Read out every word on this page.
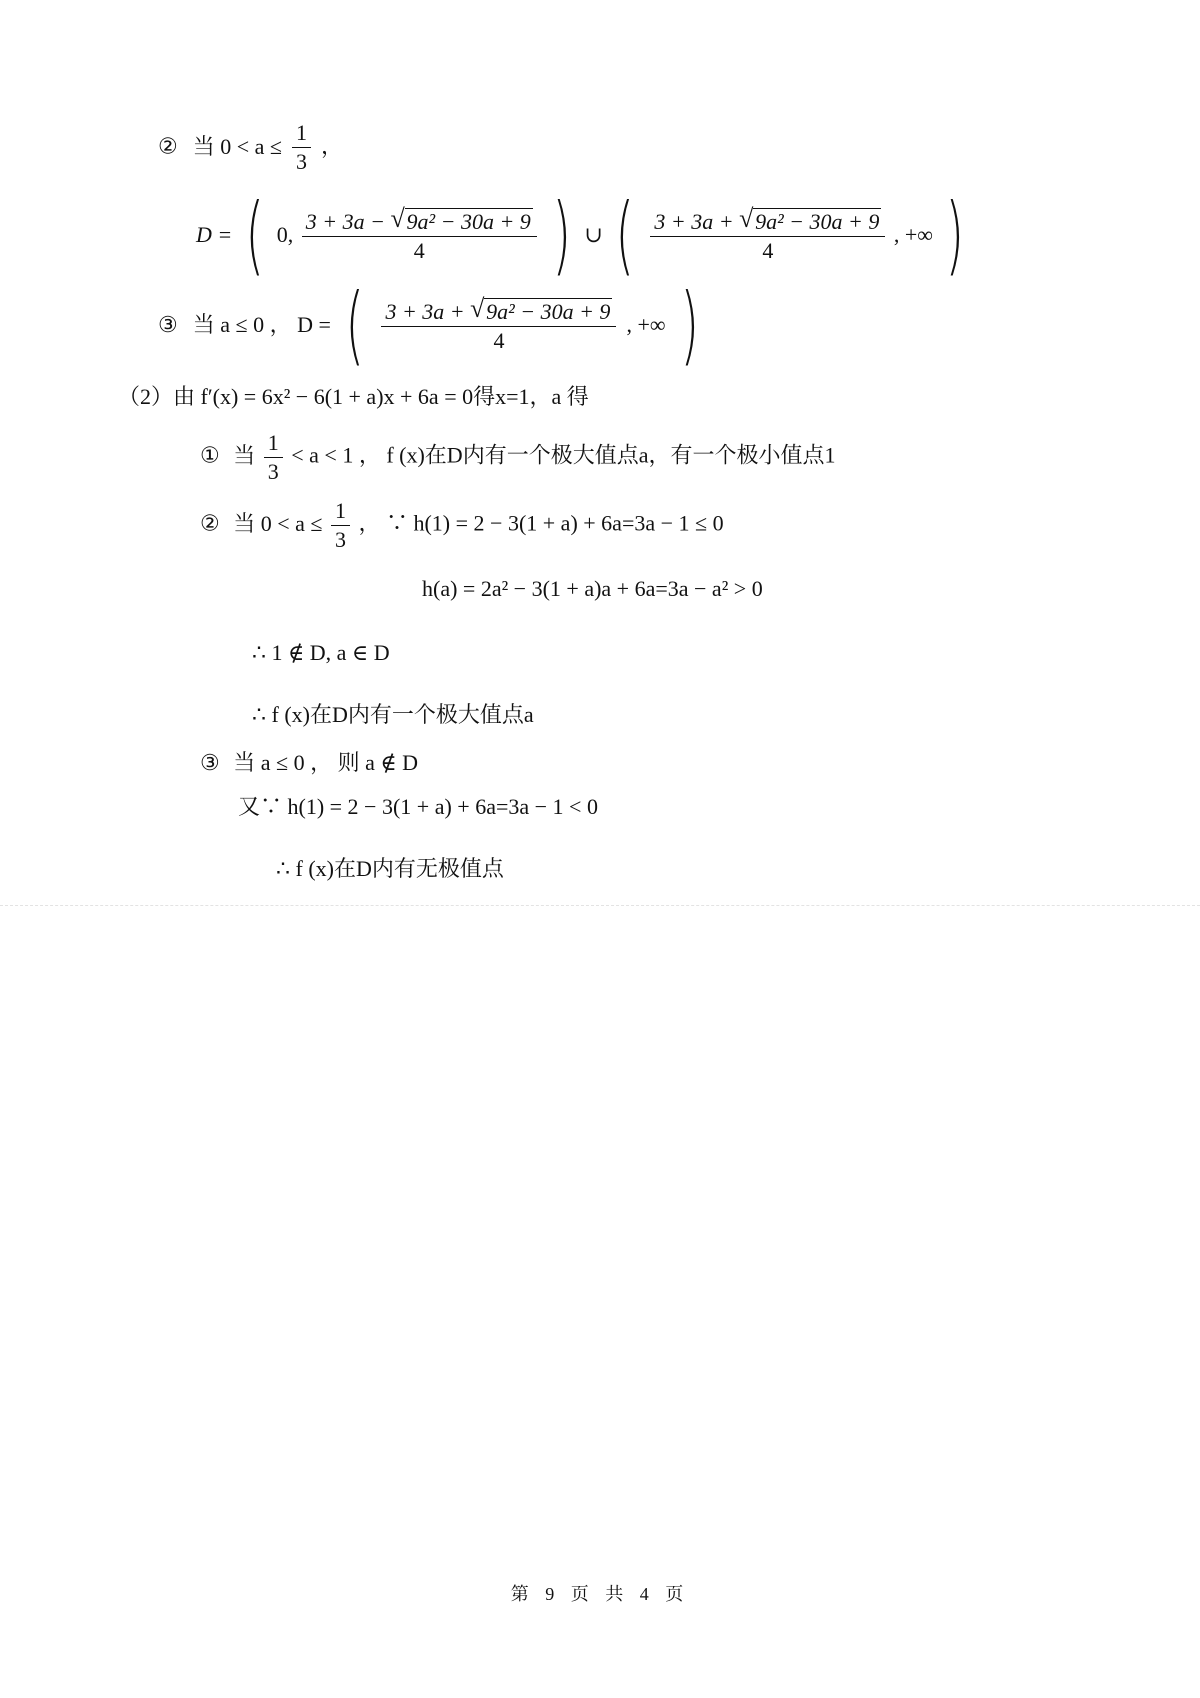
② 当 $0 < a \le \frac{1}{3}$ ，
D = ( 0, $\frac{\text{3 + 3a − √ 9a² − 30a + 9}}{4}$ ) ∪ ( $\frac{\text{3 + 3a + √ 9a² − 30a + 9}}{4}$ , +∞ )
③ 当 a ≤ 0 ， D = ( $\frac{\text{3 + 3a + √ 9a² − 30a + 9}}{4}$ , +∞ )
（2）由 f′(x) = 6x² − 6(1 + a)x + 6a = 0得x=1，a 得
① 当 $\frac{1}{3} < a < 1$ ， f (x)在D内有一个极大值点a，有一个极小值点1
② 当 $0 < a \le \frac{1}{3}$ ， ∵ h(1) = 2 − 3(1 + a) + 6a=3a − 1 ≤ 0
h(a) = 2a² − 3(1 + a)a + 6a=3a − a² > 0
∴ 1 ∉ D, a ∈ D
∴ f (x)在D内有一个极大值点a
③ 当 a ≤ 0 ， 则 a ∉ D
又∵ h(1) = 2 − 3(1 + a) + 6a=3a − 1 < 0
∴ f (x)在D内有无极值点
第 9 页 共 4 页
